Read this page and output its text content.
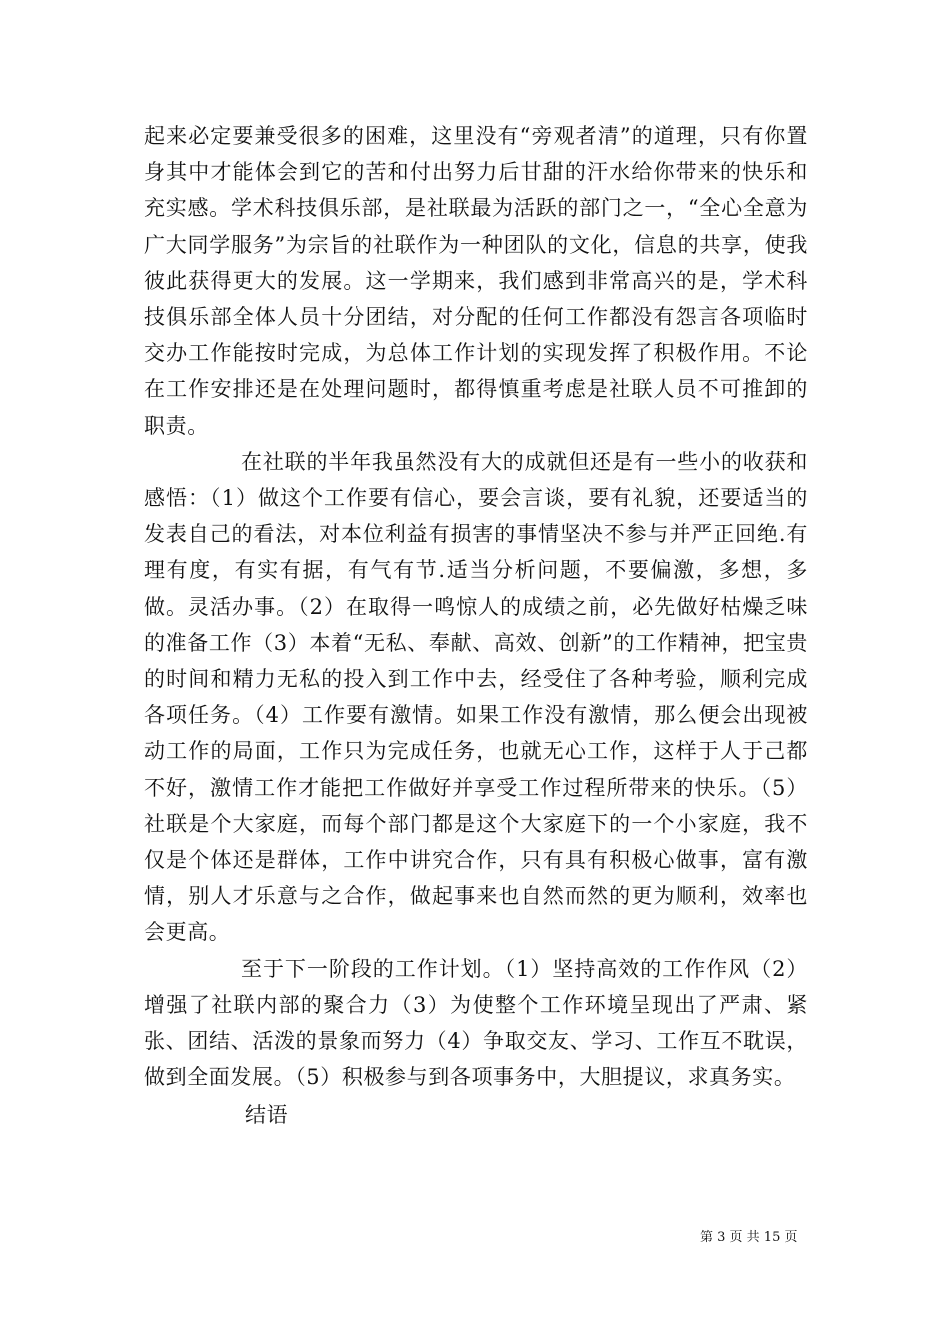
起来必定要兼受很多的困难，这里没有“旁观者清”的道理，只有你置身其中才能体会到它的苦和付出努力后甘甜的汗水给你带来的快乐和充实感。学术科技俱乐部，是社联最为活跃的部门之一，“全心全意为广大同学服务”为宗旨的社联作为一种团队的文化，信息的共享，使我彼此获得更大的发展。这一学期来，我们感到非常高兴的是，学术科技俱乐部全体人员十分团结，对分配的任何工作都没有怨言各项临时交办工作能按时完成，为总体工作计划的实现发挥了积极作用。不论在工作安排还是在处理问题时，都得慎重考虑是社联人员不可推卸的职责。

在社联的半年我虽然没有大的成就但还是有一些小的收获和感悟：（1）做这个工作要有信心，要会言谈，要有礼貌，还要适当的发表自己的看法，对本位利益有损害的事情坚决不参与并严正回绝.有理有度，有实有据，有气有节.适当分析问题，不要偏激，多想，多做。灵活办事。（2）在取得一鸣惊人的成绩之前，必先做好枯燥乏味的准备工作（3）本着“无私、奉献、高效、创新”的工作精神，把宝贵的时间和精力无私的投入到工作中去，经受住了各种考验，顺利完成各项任务。（4）工作要有激情。如果工作没有激情，那么便会出现被动工作的局面，工作只为完成任务，也就无心工作，这样于人于己都不好，激情工作才能把工作做好并享受工作过程所带来的快乐。（5）社联是个大家庭，而每个部门都是这个大家庭下的一个小家庭，我不仅是个体还是群体，工作中讲究合作，只有具有积极心做事，富有激情，别人才乐意与之合作，做起事来也自然而然的更为顺利，效率也会更高。

至于下一阶段的工作计划。（1）坚持高效的工作作风（2）增强了社联内部的聚合力（3）为使整个工作环境呈现出了严肃、紧张、团结、活泼的景象而努力（4）争取交友、学习、工作互不耽误，做到全面发展。（5）积极参与到各项事务中，大胆提议，求真务实。

结语

第 3 页 共 15 页
